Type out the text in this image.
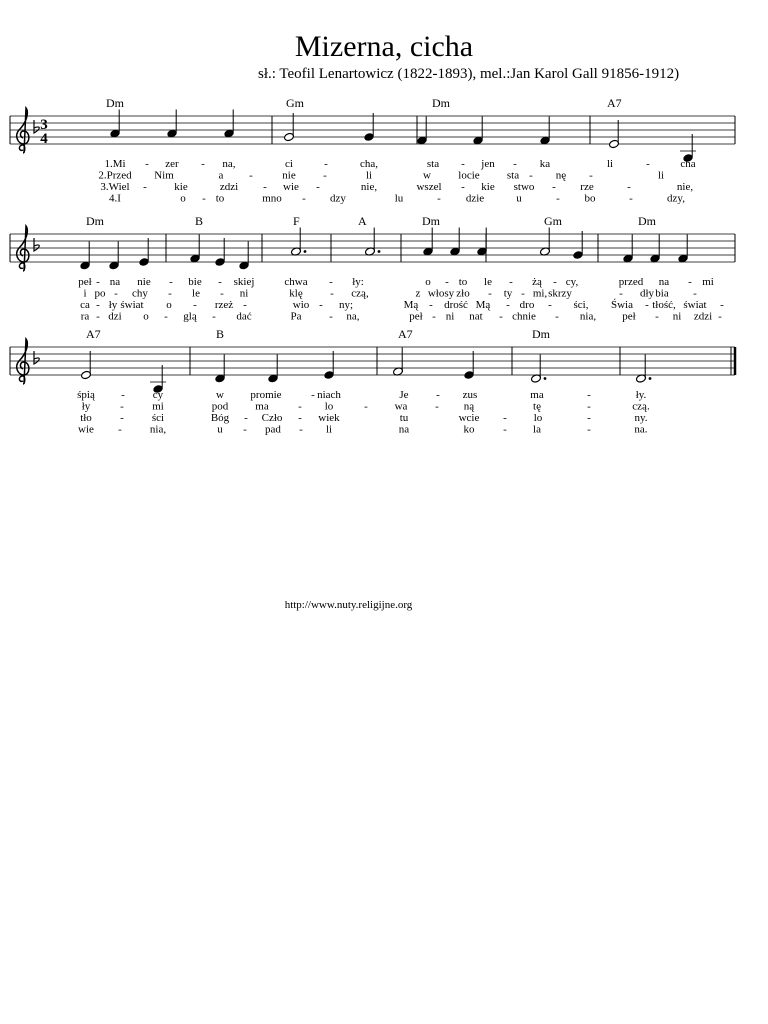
Mizerna, cicha
sł.: Teofil Lenartowicz (1822-1893), mel.:Jan Karol Gall 91856-1912)
3
4
Dm	Gm	Dm	A7
1.Mi - zer - na,	ci	-	cha,	sta - jen - ka	li	-	cha
2.Przed Nim	a -	nie -	li	w locie sta - nę -	li
3.Wiel - kie	zdzi - wie -	nie,	wszel - kie stwo - rze	-	nie,
4.I	o - to	mno - dzy	lu	- dzie	u	- bo	-	dzy,
Dm	B	F	A	Dm	Gm	Dm
peł - na nie - bie - skiej	chwa - ły:	o - to le - żą - cy,	przed na - mi
i po - chy - le - ni	klę - czą,	z włosy zło - ty - mi, skrzy	- dły bia -
ca - ły świat o - rzeż -	wio - ny;	Mą - drość Mą - dro - ści, Świa - tłość, świat -
ra - dzi o - glą - dać	Pa	- na,	peł - ni nat - chnie - nia, peł - ni zdzi -
A7	B	A7	Dm
śpią -	cy	w promie	- niach	Je	- zus	ma	-	ły.
ły	-	mi	pod ma	- lo	- wa	- ną	tę	-	czą.
tło	-	ści	Bóg - Czło - wiek	tu	wcie - lo	-	ny.
wie -	nia,	u - pad - li	na	ko	- la	-	na.
http://www.nuty.religijne.org
